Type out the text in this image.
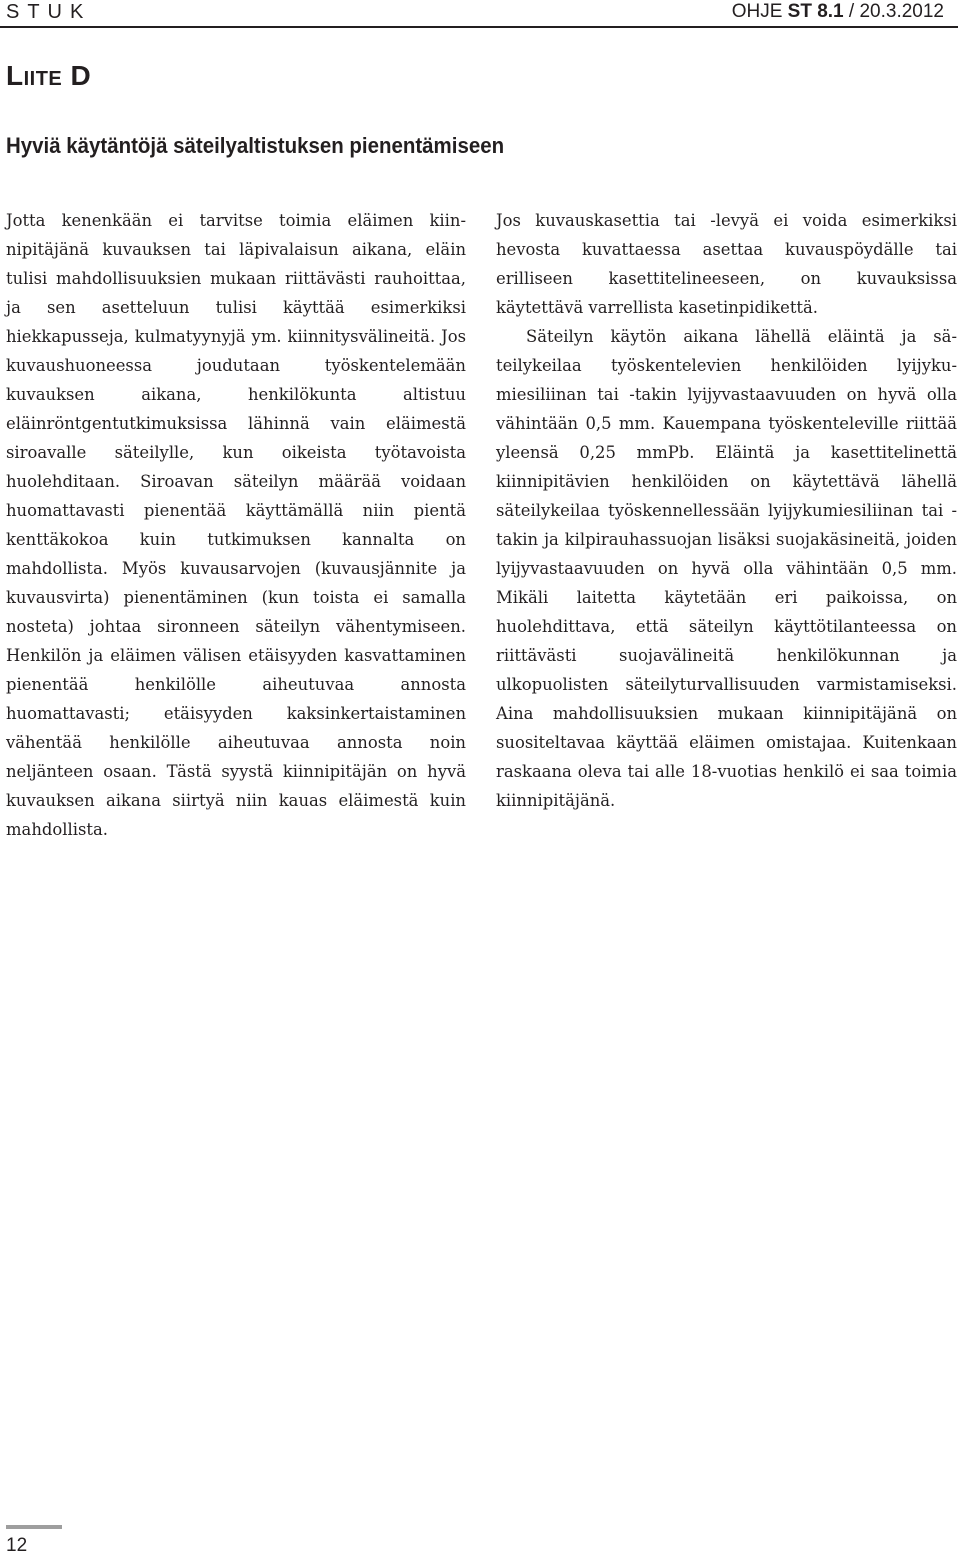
STUK	OHJE ST 8.1 / 20.3.2012
Liite D
Hyviä käytäntöjä säteilyaltistuksen pienentämiseen

Jotta kenenkään ei tarvitse toimia eläimen kiinnipitäjänä kuvauksen tai läpivalaisun aikana, eläin tulisi mahdollisuuksien mukaan riittävästi rauhoittaa, ja sen asetteluun tulisi käyttää esimerkiksi hiekkapusseja, kulmatyynyjä ym. kiinnitysvälineitä. Jos kuvaushuoneessa joudutaan työskentelemään kuvauksen aikana, henkilökunta altistuu eläinröntgentutkimuksissa lähinnä vain eläimestä siroavalle säteilylle, kun oikeista työtavoista huolehditaan. Siroavan säteilyn määrää voidaan huomattavasti pienentää käyttämällä niin pientä kenttäkokoa kuin tutkimuksen kannalta on mahdollista. Myös kuvausarvojen (kuvausjännite ja kuvausvirta) pienentäminen (kun toista ei samalla nosteta) johtaa sironneen säteilyn vähentymiseen. Henkilön ja eläimen välisen etäisyyden kasvattaminen pienentää henkilölle aiheutuvaa annosta huomattavasti; etäisyyden kaksinkertaistaminen vähentää henkilölle aiheutuvaa annosta noin neljänteen osaan. Tästä syystä kiinnipitäjän on hyvä kuvauksen aikana siirtyä niin kauas eläimestä kuin mahdollista.

Jos kuvauskasettia tai -levyä ei voida esimerkiksi hevosta kuvattaessa asettaa kuvauspöydälle tai erilliseen kasettitelineeseen, on kuvauksissa käytettävä varrellista kasetinpidikettä.

Säteilyn käytön aikana lähellä eläintä ja säteilykeilaa työskentelevien henkilöiden lyijykumiesiliinan tai -takin lyijyvastaavuuden on hyvä olla vähintään 0,5 mm. Kauempana työskenteleville riittää yleensä 0,25 mmPb. Eläintä ja kasettitelinettä kiinnipitävien henkilöiden on käytettävä lähellä säteilykeilaa työskennellessään lyijykumiesiliinan tai -takin ja kilpirauhassuojan lisäksi suojakäsineitä, joiden lyijyvastaavuuden on hyvä olla vähintään 0,5 mm. Mikäli laitetta käytetään eri paikoissa, on huolehdittava, että säteilyn käyttötilanteessa on riittävästi suojavälineitä henkilökunnan ja ulkopuolisten säteilyturvallisuuden varmistamiseksi. Aina mahdollisuuksien mukaan kiinnipitäjänä on suositeltavaa käyttää eläimen omistajaa. Kuitenkaan raskaana oleva tai alle 18-vuotias henkilö ei saa toimia kiinnipitäjänä.

12
